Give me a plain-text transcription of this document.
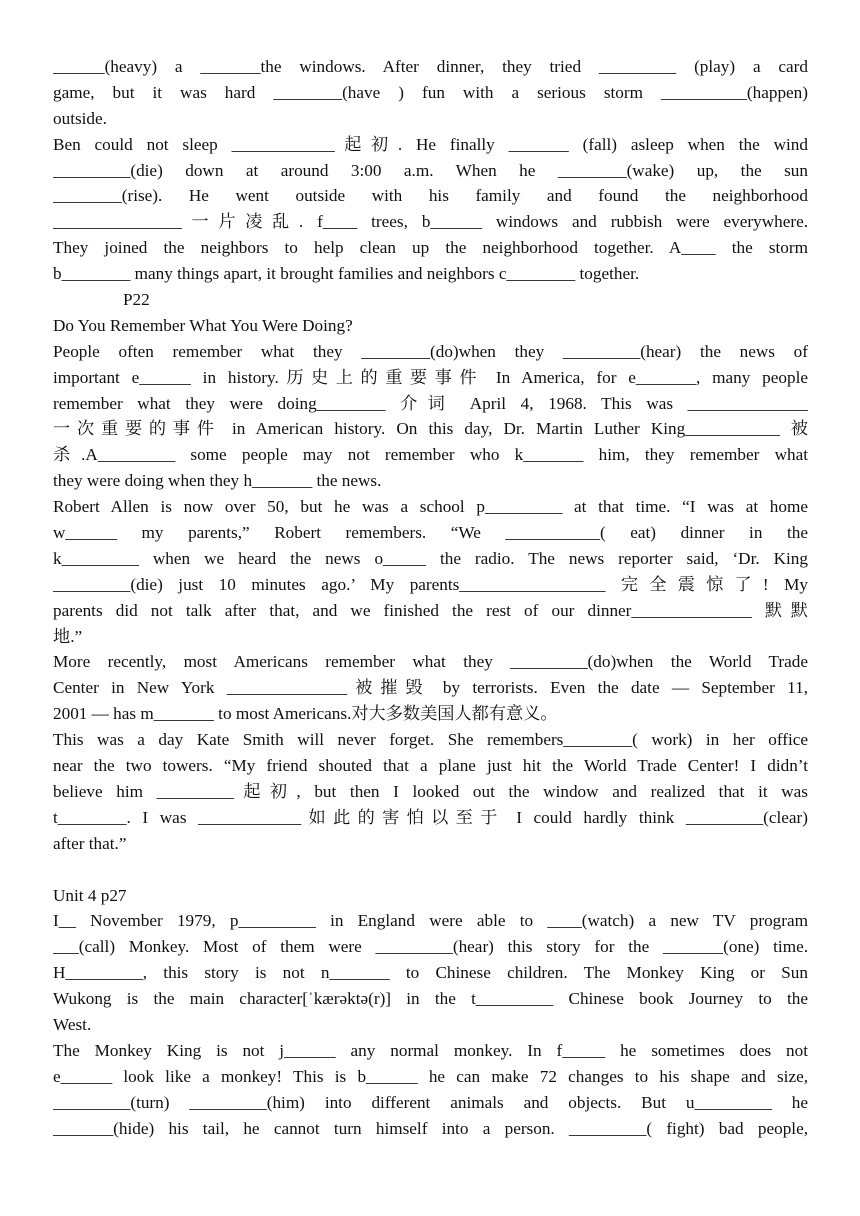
______(heavy) a _______the windows. After dinner, they tried _________ (play) a card
game, but it was hard ________(have ) fun with a serious storm __________(happen)
outside.
Ben could not sleep ____________起初. He finally _______ (fall) asleep when the wind
_________(die) down at around 3:00 a.m. When he ________(wake) up, the sun
________(rise). He went outside with his family and found the neighborhood
_______________一片凌乱. f____ trees, b______ windows and rubbish were everywhere.
They joined the neighbors to help clean up the neighborhood together. A____ the storm
b________ many things apart, it brought families and neighbors c________ together.
P22
Do You Remember What You Were Doing?
People often remember what they ________(do)when they _________(hear) the news of
important e______ in history.历史上的重要事件 In America, for e_______, many people
remember what they were doing________ 介词 April 4, 1968. This was ______________
一次重要的事件 in American history. On this day, Dr. Martin Luther King___________ 被
杀.A_________ some people may not remember who k_______ him, they remember what
they were doing when they h_______ the news.
Robert Allen is now over 50, but he was a school p_________ at that time. “I was at home
w______ my parents,” Robert remembers. “We ___________( eat) dinner in the
k_________ when we heard the news o_____ the radio. The news reporter said, ‘Dr. King
_________(die) just 10 minutes ago.’ My parents_________________ 完全震惊了! My
parents did not talk after that, and we finished the rest of our dinner______________ 默默
地.”
More recently, most Americans remember what they _________(do)when the World Trade
Center in New York ______________被摧毁 by terrorists. Even the date — September 11,
2001 — has m_______ to most Americans.对大多数美国人都有意义。
This was a day Kate Smith will never forget. She remembers________( work) in her office
near the two towers. “My friend shouted that a plane just hit the World Trade Center! I didn’t
believe him _________起初, but then I looked out the window and realized that it was
t________. I was ____________如此的害怕以至于 I could hardly think _________(clear)
after that.”
Unit 4 p27
I__ November 1979, p_________ in England were able to ____(watch) a new TV program
___(call) Monkey. Most of them were _________(hear) this story for the _______(one) time.
H_________, this story is not n_______ to Chinese children. The Monkey King or Sun
Wukong is the main character[ˈkærəktə(r)] in the t_________ Chinese book Journey to the
West.
The Monkey King is not j______ any normal monkey. In f_____ he sometimes does not
e______ look like a monkey! This is b______ he can make 72 changes to his shape and size,
_________(turn) _________(him) into different animals and objects. But u_________ he
_______(hide) his tail, he cannot turn himself into a person. _________( fight) bad people,
